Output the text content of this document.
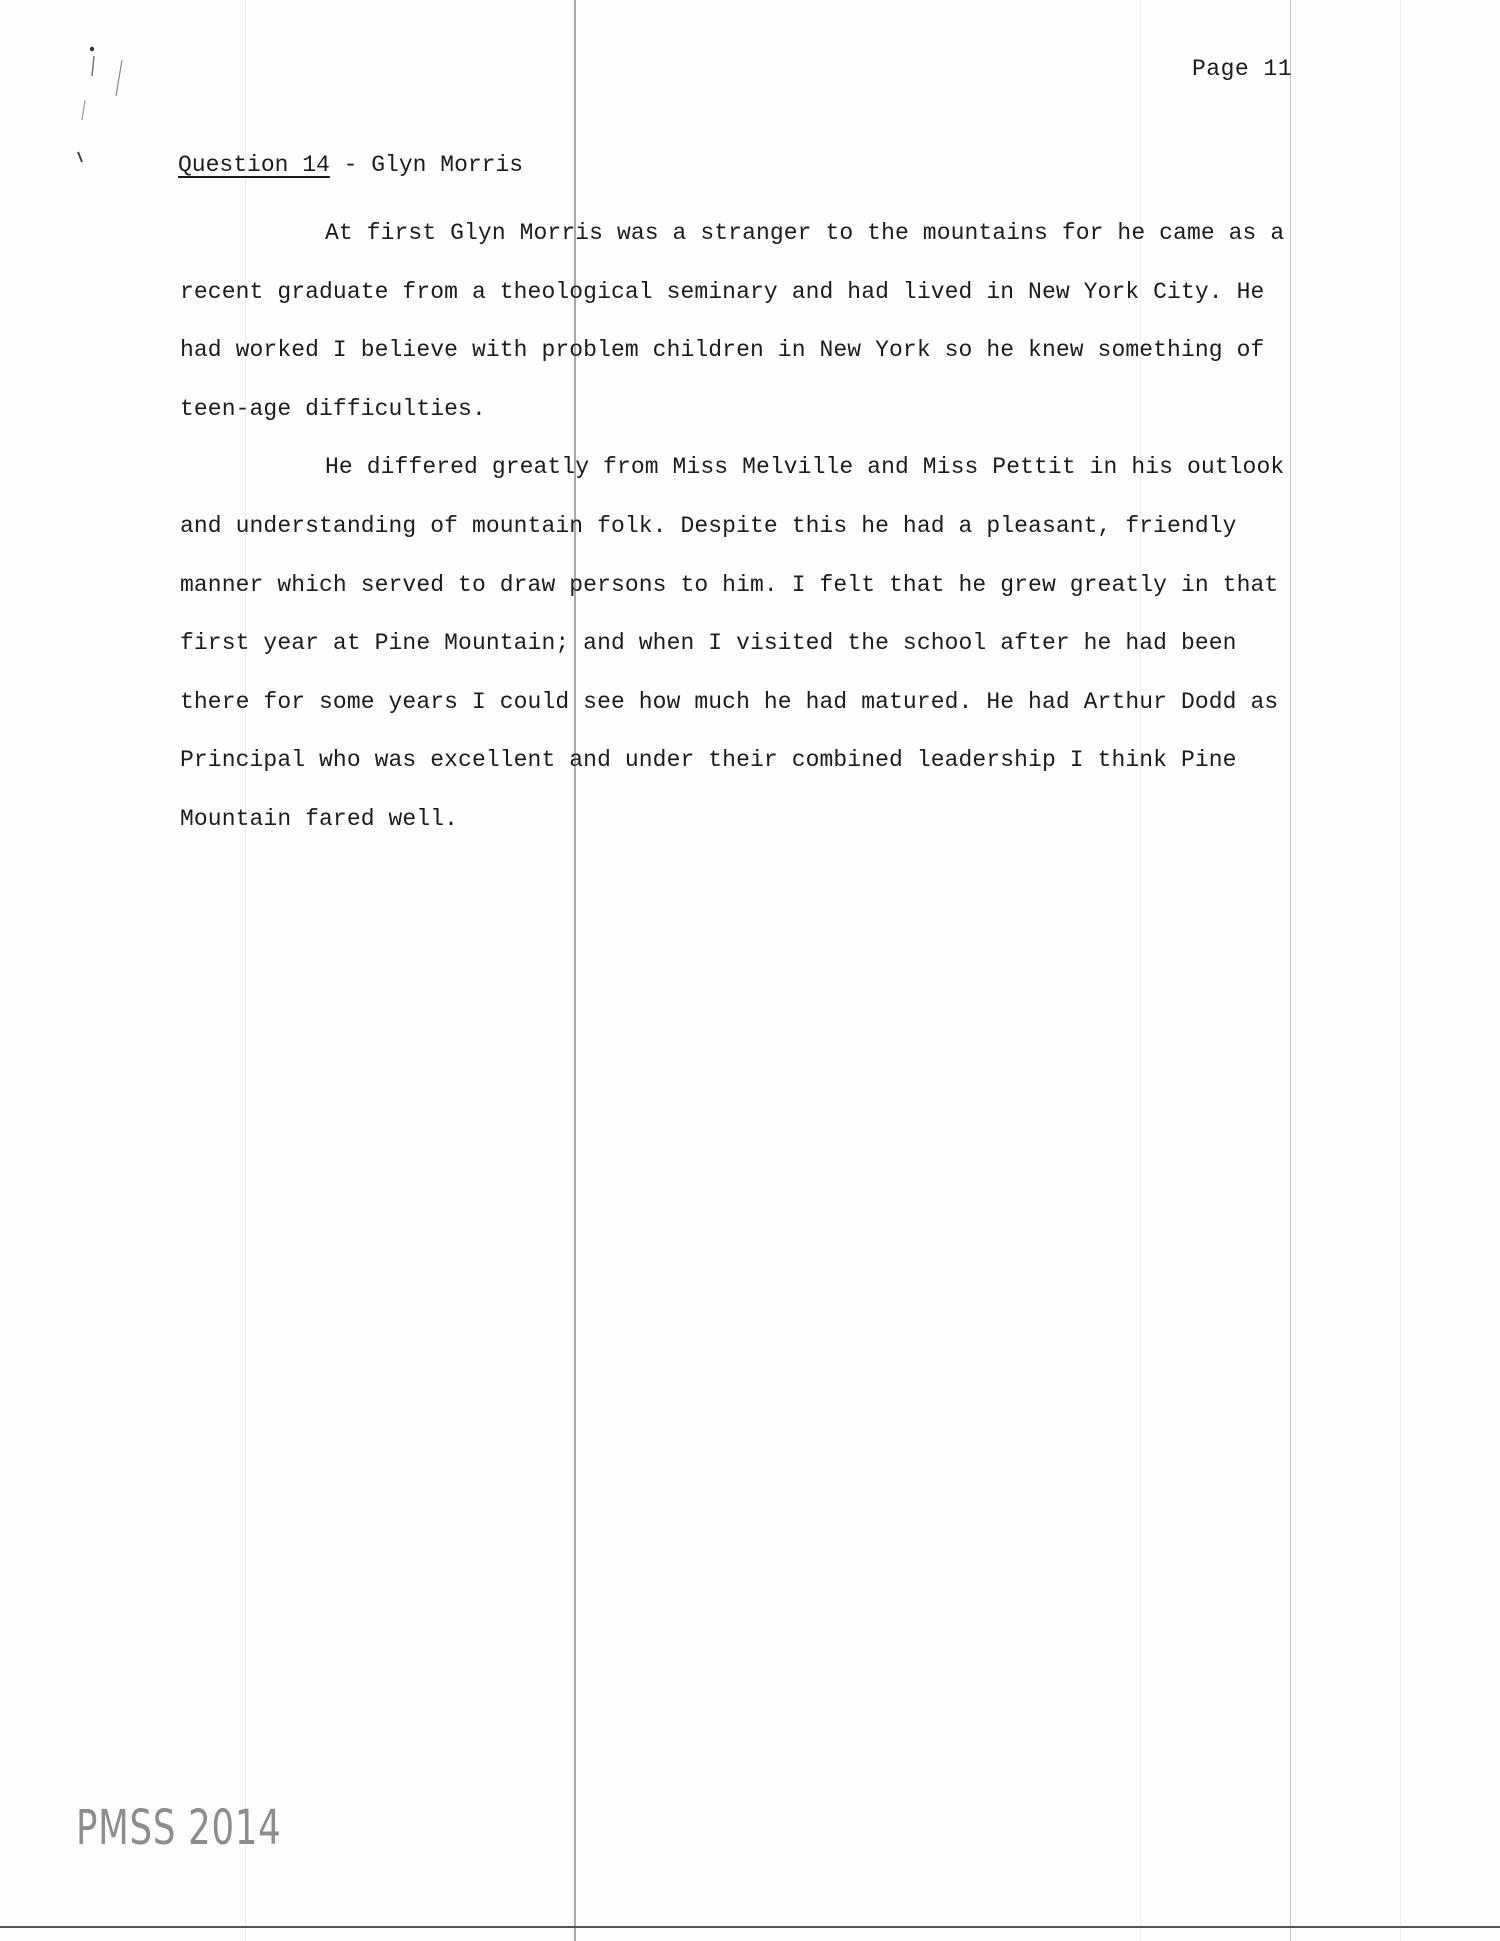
Page 11
Question 14 - Glyn Morris

At first Glyn Morris was a stranger to the mountains for he came as a recent graduate from a theological seminary and had lived in New York City. He had worked I believe with problem children in New York so he knew something of teen-age difficulties.

He differed greatly from Miss Melville and Miss Pettit in his outlook and understanding of mountain folk. Despite this he had a pleasant, friendly manner which served to draw persons to him. I felt that he grew greatly in that first year at Pine Mountain; and when I visited the school after he had been there for some years I could see how much he had matured. He had Arthur Dodd as Principal who was excellent and under their combined leadership I think Pine Mountain fared well.

PMSS 2014
